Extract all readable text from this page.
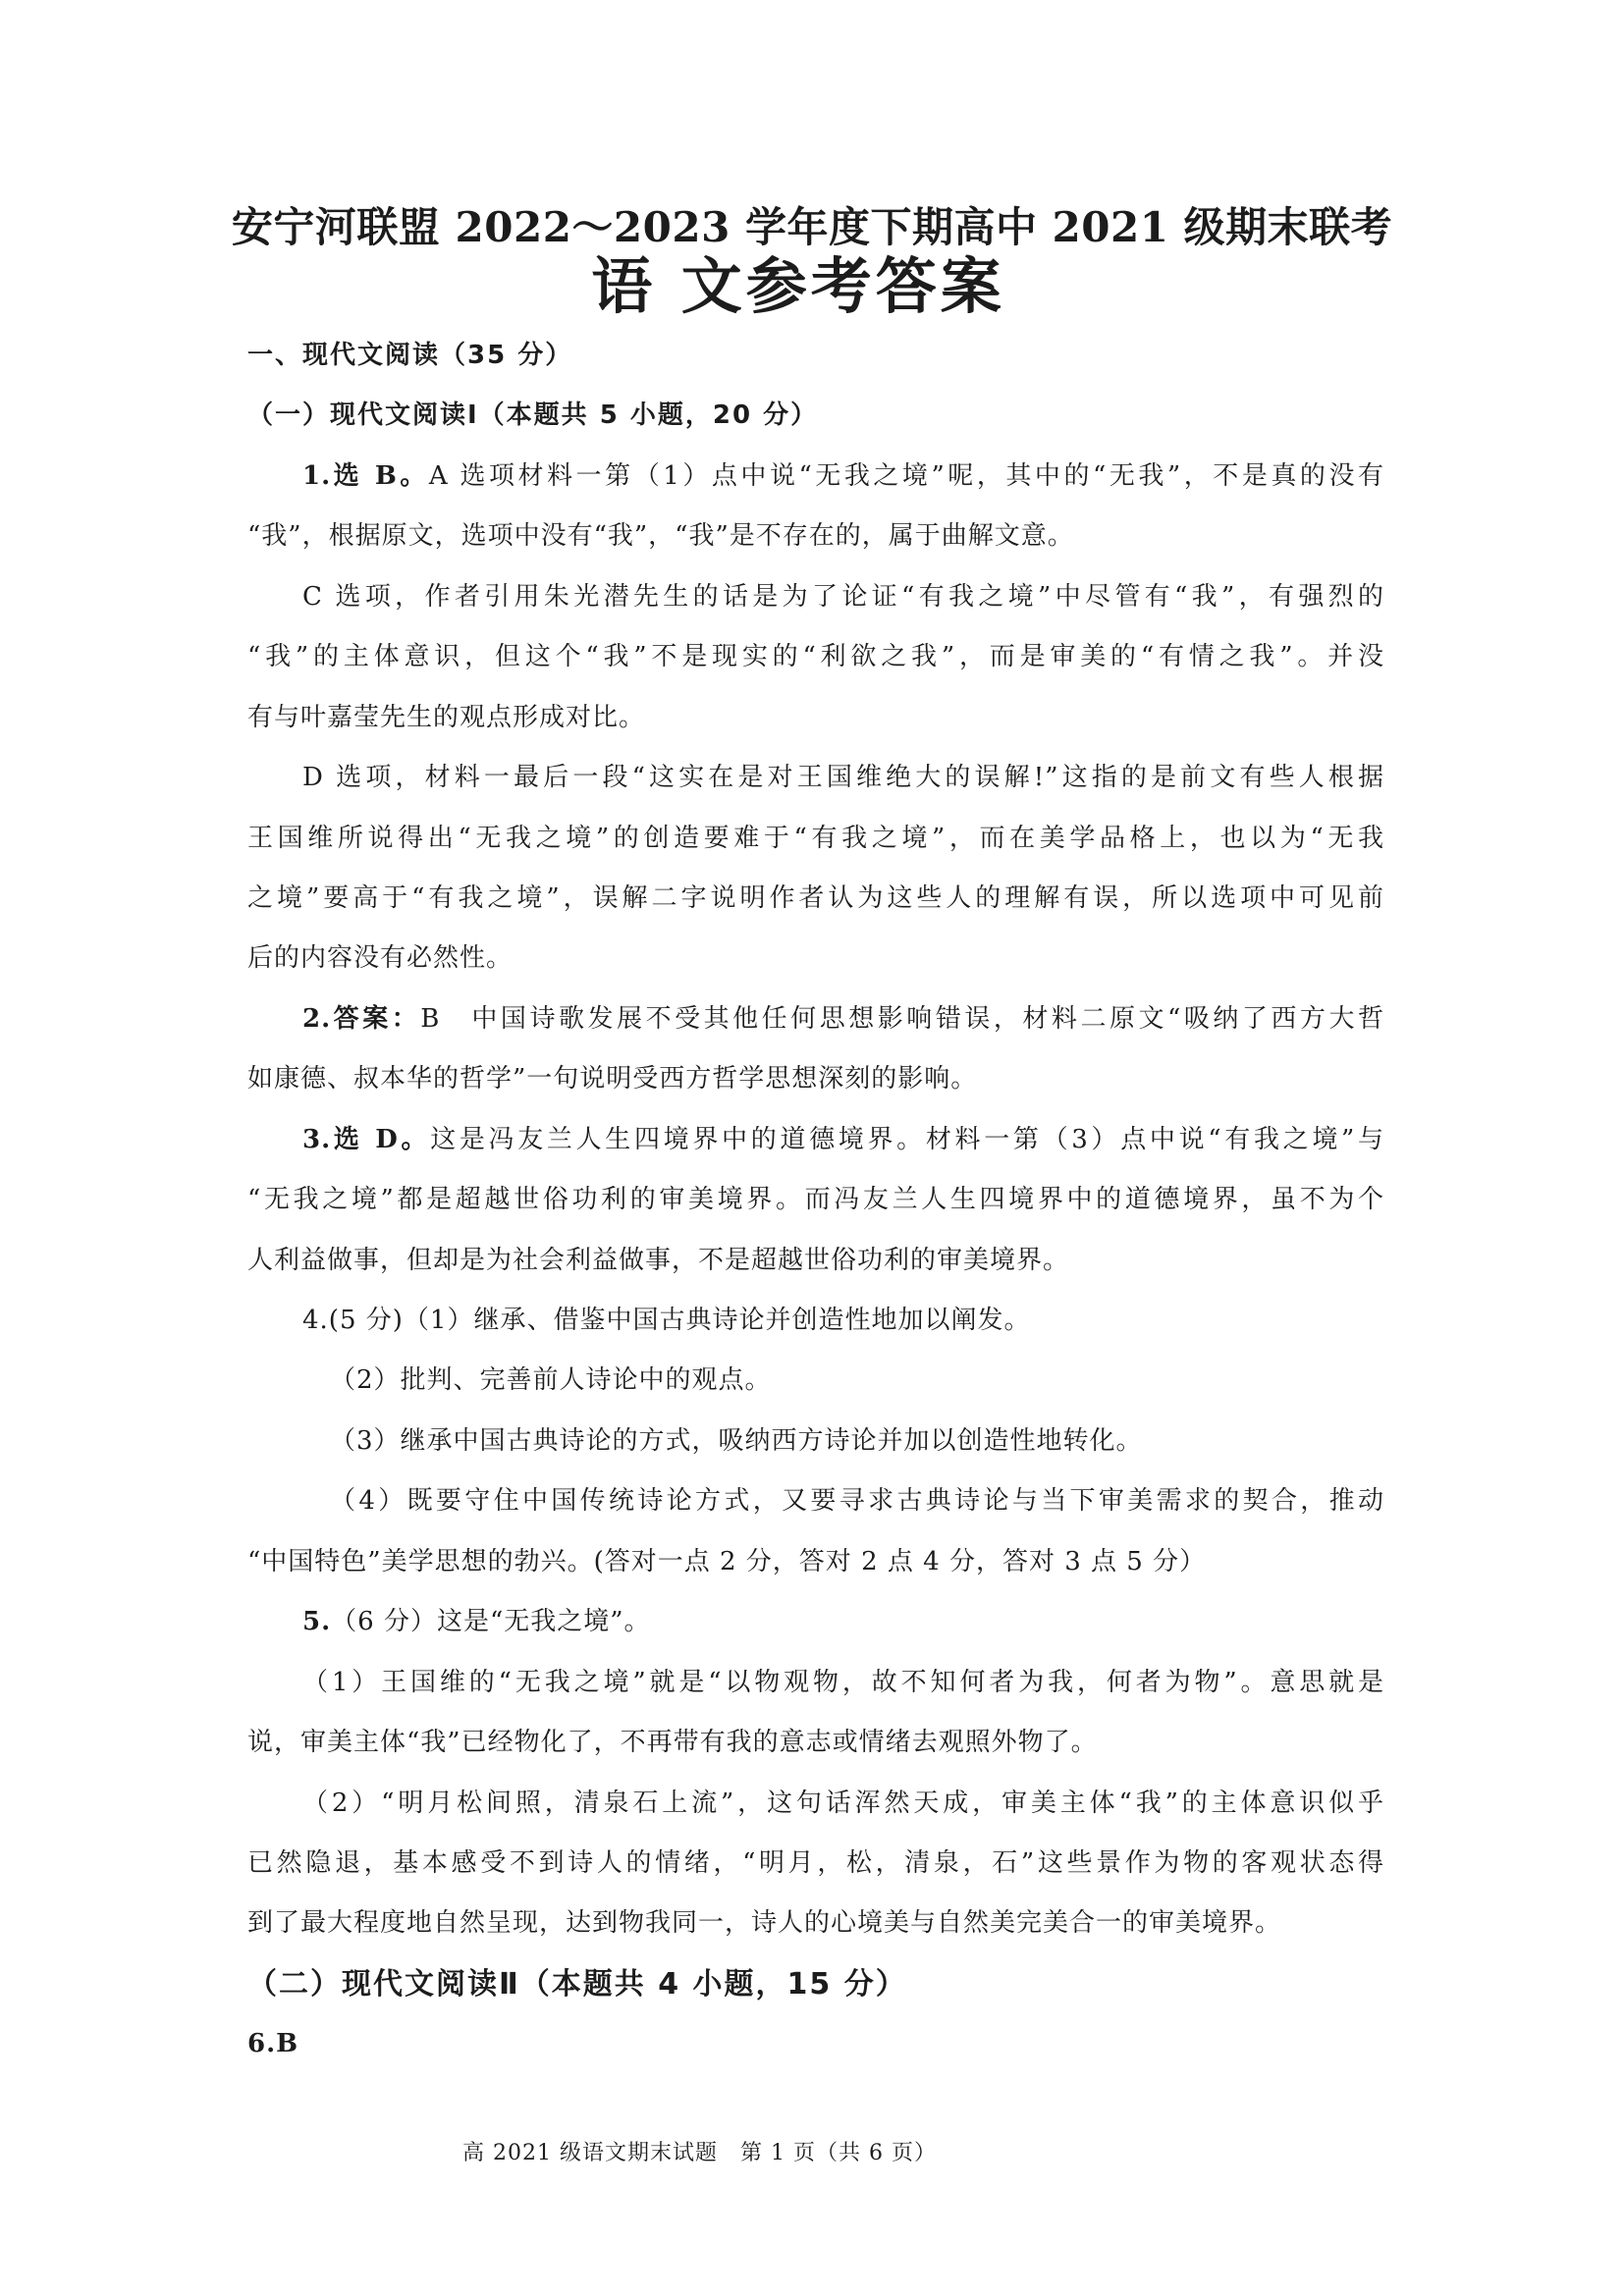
安宁河联盟 2022～2023 学年度下期高中 2021 级期末联考
语 文参考答案
一、现代文阅读（35 分）
（一）现代文阅读Ⅰ（本题共 5 小题，20 分）
1.选 B。A 选项材料一第（1）点中说“无我之境”呢，其中的“无我”，不是真的没有
“我”，根据原文，选项中没有“我”，“我”是不存在的，属于曲解文意。
C 选项，作者引用朱光潜先生的话是为了论证“有我之境”中尽管有“我”，有强烈的
“我”的主体意识，但这个“我”不是现实的“利欲之我”，而是审美的“有情之我”。并没
有与叶嘉莹先生的观点形成对比。
D 选项，材料一最后一段“这实在是对王国维绝大的误解!”这指的是前文有些人根据
王国维所说得出“无我之境”的创造要难于“有我之境”，而在美学品格上，也以为“无我
之境”要高于“有我之境”，误解二字说明作者认为这些人的理解有误，所以选项中可见前
后的内容没有必然性。
2.答案：B　中国诗歌发展不受其他任何思想影响错误，材料二原文“吸纳了西方大哲
如康德、叔本华的哲学”一句说明受西方哲学思想深刻的影响。
3.选 D。这是冯友兰人生四境界中的道德境界。材料一第（3）点中说“有我之境”与
“无我之境”都是超越世俗功利的审美境界。而冯友兰人生四境界中的道德境界，虽不为个
人利益做事，但却是为社会利益做事，不是超越世俗功利的审美境界。
4.(5 分)（1）继承、借鉴中国古典诗论并创造性地加以阐发。
（2）批判、完善前人诗论中的观点。
（3）继承中国古典诗论的方式，吸纳西方诗论并加以创造性地转化。
（4）既要守住中国传统诗论方式，又要寻求古典诗论与当下审美需求的契合，推动
“中国特色”美学思想的勃兴。(答对一点 2 分，答对 2 点 4 分，答对 3 点 5 分）
5.（6 分）这是“无我之境”。
（1）王国维的“无我之境”就是“以物观物，故不知何者为我，何者为物”。意思就是
说，审美主体“我”已经物化了，不再带有我的意志或情绪去观照外物了。
（2）“明月松间照，清泉石上流”，这句话浑然天成，审美主体“我”的主体意识似乎
已然隐退，基本感受不到诗人的情绪，“明月，松，清泉，石”这些景作为物的客观状态得
到了最大程度地自然呈现，达到物我同一，诗人的心境美与自然美完美合一的审美境界。
（二）现代文阅读Ⅱ（本题共 4 小题，15 分）
6.B
高 2021 级语文期末试题　第 1 页（共 6 页）
